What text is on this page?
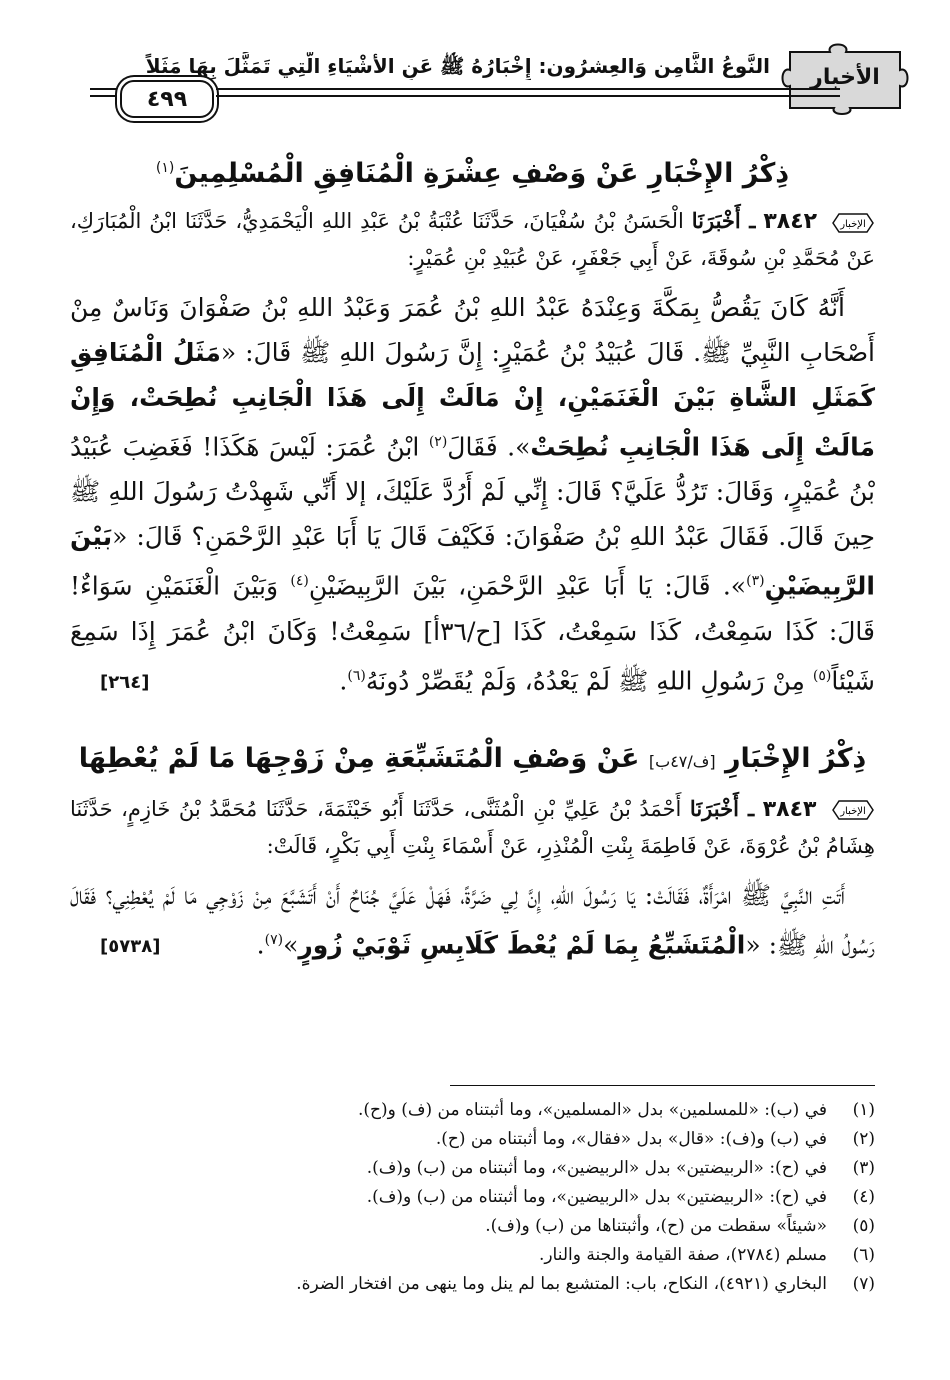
الأخبار
النَّوعُ الثَّامِن وَالعِشرُون: إِخْبَارُهُ ﷺ عَنِ الأشْيَاءِ الَّتِي تَمَثَّلَ بِهَا مَثَلاً
٤٩٩
ذِكْرُ الإِخْبَارِ عَنْ وَصْفِ عِشْرَةِ الْمُنَافِقِ الْمُسْلِمِينَ$^{(١)}$

الإخبار
٣٨٤٢ ـ أَخْبَرَنَا الْحَسَنُ بْنُ سُفْيَانَ، حَدَّثَنَا عُتْبَةُ بْنُ عَبْدِ اللهِ الْيَحْمَدِيُّ، حَدَّثَنَا ابْنُ الْمُبَارَكِ، عَنْ مُحَمَّدِ بْنِ سُوقَةَ، عَنْ أَبِي جَعْفَرٍ، عَنْ عُبَيْدِ بْنِ عُمَيْرٍ:

أَنَّهُ كَانَ يَقُصُّ بِمَكَّةَ وَعِنْدَهُ عَبْدُ اللهِ بْنُ عُمَرَ وَعَبْدُ اللهِ بْنُ صَفْوَانَ وَنَاسٌ مِنْ أَصْحَابِ النَّبِيِّ ﷺ. قَالَ عُبَيْدُ بْنُ عُمَيْرٍ: إِنَّ رَسُولَ اللهِ ﷺ قَالَ: «مَثَلُ الْمُنَافِقِ كَمَثَلِ الشَّاةِ بَيْنَ الْغَنَمَيْنِ، إِنْ مَالَتْ إِلَى هَذَا الْجَانِبِ نُطِحَتْ، وَإِنْ مَالَتْ إِلَى هَذَا الْجَانِبِ نُطِحَتْ». فَقَالَ$^{(٢)}$ ابْنُ عُمَرَ: لَيْسَ هَكَذَا! فَغَضِبَ عُبَيْدُ بْنُ عُمَيْرٍ، وَقَالَ: تَرُدُّ عَلَيَّ؟ قَالَ: إِنِّي لَمْ أَرُدَّ عَلَيْكَ، إلا أَنِّي شَهِدْتُ رَسُولَ اللهِ ﷺ حِينَ قَالَ. فَقَالَ عَبْدُ اللهِ بْنُ صَفْوَانَ: فَكَيْفَ قَالَ يَا أَبَا عَبْدِ الرَّحْمَنِ؟ قَالَ: «بَيْنَ الرَّبِيضَيْنِ$^{(٣)}$». قَالَ: يَا أَبَا عَبْدِ الرَّحْمَنِ، بَيْنَ الرَّبِيضَيْنِ$^{(٤)}$ وَبَيْنَ الْغَنَمَيْنِ سَوَاءٌ! قَالَ: كَذَا سَمِعْتُ، كَذَا سَمِعْتُ، كَذَا [ح/٣٦أ] سَمِعْتُ! وَكَانَ ابْنُ عُمَرَ إِذَا سَمِعَ شَيْئاً$^{(٥)}$ مِنْ رَسُولِ اللهِ ﷺ لَمْ يَعْدُهُ، وَلَمْ يُقَصِّرْ دُونَهُ$^{(٦)}$.
[٢٦٤]

ذِكْرُ الإِخْبَارِ [ف/٤٧ب] عَنْ وَصْفِ الْمُتَشَبِّعَةِ مِنْ زَوْجِهَا مَا لَمْ يُعْطِهَا

الإخبار
٣٨٤٣ ـ أَخْبَرَنَا أَحْمَدُ بْنُ عَلِيِّ بْنِ الْمُثَنَّى، حَدَّثَنَا أَبُو خَيْثَمَةَ، حَدَّثَنَا مُحَمَّدُ بْنُ خَازِمٍ، حَدَّثَنَا هِشَامُ بْنُ عُرْوَةَ، عَنْ فَاطِمَةَ بِنْتِ الْمُنْذِرِ، عَنْ أَسْمَاءَ بِنْتِ أَبِي بَكْرٍ، قَالَتْ:

أَتَتِ النَّبِيَّ ﷺ امْرَأَةٌ، فَقَالَتْ: يَا رَسُولَ اللهِ، إِنَّ لِي ضَرَّةً، فَهَلْ عَلَيَّ جُنَاحٌ أَنْ أَتَشَبَّعَ مِنْ زَوْجِي مَا لَمْ يُعْطِنِي؟ فَقَالَ رَسُولُ اللهِ ﷺ: «الْمُتَشَبِّعُ بِمَا لَمْ يُعْطَ كَلَابِسِ ثَوْبَيْ زُورٍ»$^{(٧)}$.
[٥٧٣٨]

(١)
في (ب): «للمسلمين» بدل «المسلمين»، وما أثبتناه من (ف) و(ح).
(٢)
في (ب) و(ف): «قال» بدل «فقال»، وما أثبتناه من (ح).
(٣)
في (ح): «الربيضتين» بدل «الربيضين»، وما أثبتناه من (ب) و(ف).
(٤)
في (ح): «الربيضتين» بدل «الربيضين»، وما أثبتناه من (ب) و(ف).
(٥)
«شيئاً» سقطت من (ح)، وأثبتناها من (ب) و(ف).
(٦)
مسلم (٢٧٨٤)، صفة القيامة والجنة والنار.
(٧)
البخاري (٤٩٢١)، النكاح، باب: المتشبع بما لم ينل وما ينهى من افتخار الضرة.
